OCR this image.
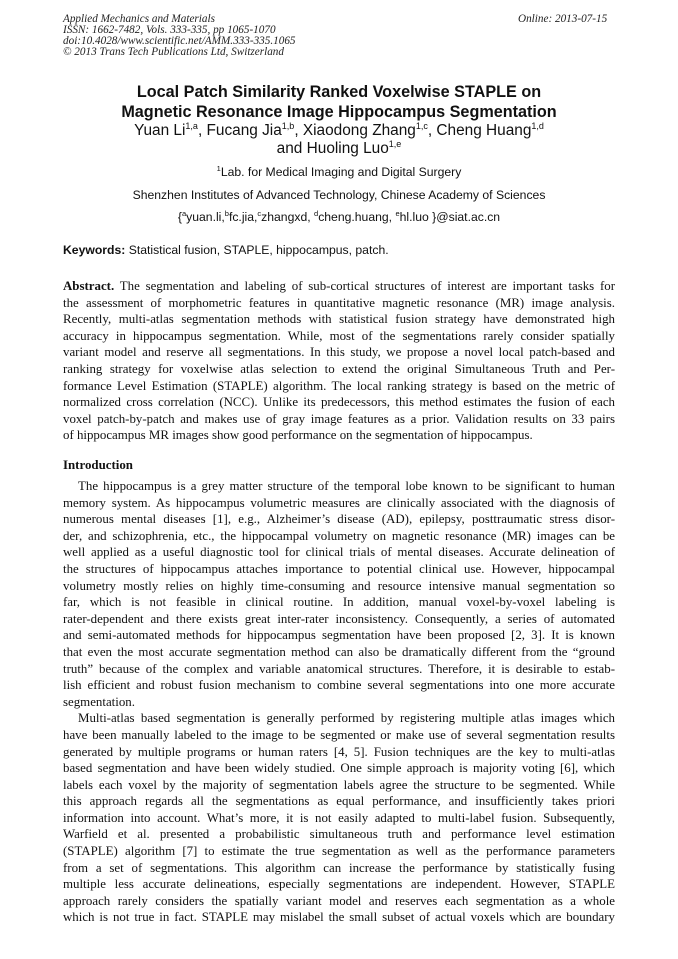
Applied Mechanics and Materials
ISSN: 1662-7482, Vols. 333-335, pp 1065-1070
doi:10.4028/www.scientific.net/AMM.333-335.1065
© 2013 Trans Tech Publications Ltd, Switzerland
Online: 2013-07-15
Local Patch Similarity Ranked Voxelwise STAPLE on
Magnetic Resonance Image Hippocampus Segmentation
Yuan Li$^{1,a}$, Fucang Jia$^{1,b}$, Xiaodong Zhang$^{1,c}$, Cheng Huang$^{1,d}$
and Huoling Luo$^{1,e}$
$^1$Lab. for Medical Imaging and Digital Surgery
Shenzhen Institutes of Advanced Technology, Chinese Academy of Sciences
{$^a$yuan.li,$^b$fc.jia,$^c$zhangxd, $^d$cheng.huang, $^e$hl.luo }@siat.ac.cn
Keywords: Statistical fusion, STAPLE, hippocampus, patch.
Abstract. The segmentation and labeling of sub-cortical structures of interest are important tasks for
the assessment of morphometric features in quantitative magnetic resonance (MR) image analysis.
Recently, multi-atlas segmentation methods with statistical fusion strategy have demonstrated high
accuracy in hippocampus segmentation. While, most of the segmentations rarely consider spatially
variant model and reserve all segmentations. In this study, we propose a novel local patch-based and
ranking strategy for voxelwise atlas selection to extend the original Simultaneous Truth and Per-
formance Level Estimation (STAPLE) algorithm. The local ranking strategy is based on the metric of
normalized cross correlation (NCC). Unlike its predecessors, this method estimates the fusion of each
voxel patch-by-patch and makes use of gray image features as a prior. Validation results on 33 pairs
of hippocampus MR images show good performance on the segmentation of hippocampus.
Introduction
The hippocampus is a grey matter structure of the temporal lobe known to be significant to human
memory system. As hippocampus volumetric measures are clinically associated with the diagnosis of
numerous mental diseases [1], e.g., Alzheimer’s disease (AD), epilepsy, posttraumatic stress disor-
der, and schizophrenia, etc., the hippocampal volumetry on magnetic resonance (MR) images can be
well applied as a useful diagnostic tool for clinical trials of mental diseases. Accurate delineation of
the structures of hippocampus attaches importance to potential clinical use. However, hippocampal
volumetry mostly relies on highly time-consuming and resource intensive manual segmentation so
far, which is not feasible in clinical routine. In addition, manual voxel-by-voxel labeling is
rater-dependent and there exists great inter-rater inconsistency. Consequently, a series of automated
and semi-automated methods for hippocampus segmentation have been proposed [2, 3]. It is known
that even the most accurate segmentation method can also be dramatically different from the “ground
truth” because of the complex and variable anatomical structures. Therefore, it is desirable to estab-
lish efficient and robust fusion mechanism to combine several segmentations into one more accurate
segmentation.
Multi-atlas based segmentation is generally performed by registering multiple atlas images which
have been manually labeled to the image to be segmented or make use of several segmentation results
generated by multiple programs or human raters [4, 5]. Fusion techniques are the key to multi-atlas
based segmentation and have been widely studied. One simple approach is majority voting [6], which
labels each voxel by the majority of segmentation labels agree the structure to be segmented. While
this approach regards all the segmentations as equal performance, and insufficiently takes priori
information into account. What’s more, it is not easily adapted to multi-label fusion. Subsequently,
Warfield et al. presented a probabilistic simultaneous truth and performance level estimation
(STAPLE) algorithm [7] to estimate the true segmentation as well as the performance parameters
from a set of segmentations. This algorithm can increase the performance by statistically fusing
multiple less accurate delineations, especially segmentations are independent. However, STAPLE
approach rarely considers the spatially variant model and reserves each segmentation as a whole
which is not true in fact. STAPLE may mislabel the small subset of actual voxels which are boundary
